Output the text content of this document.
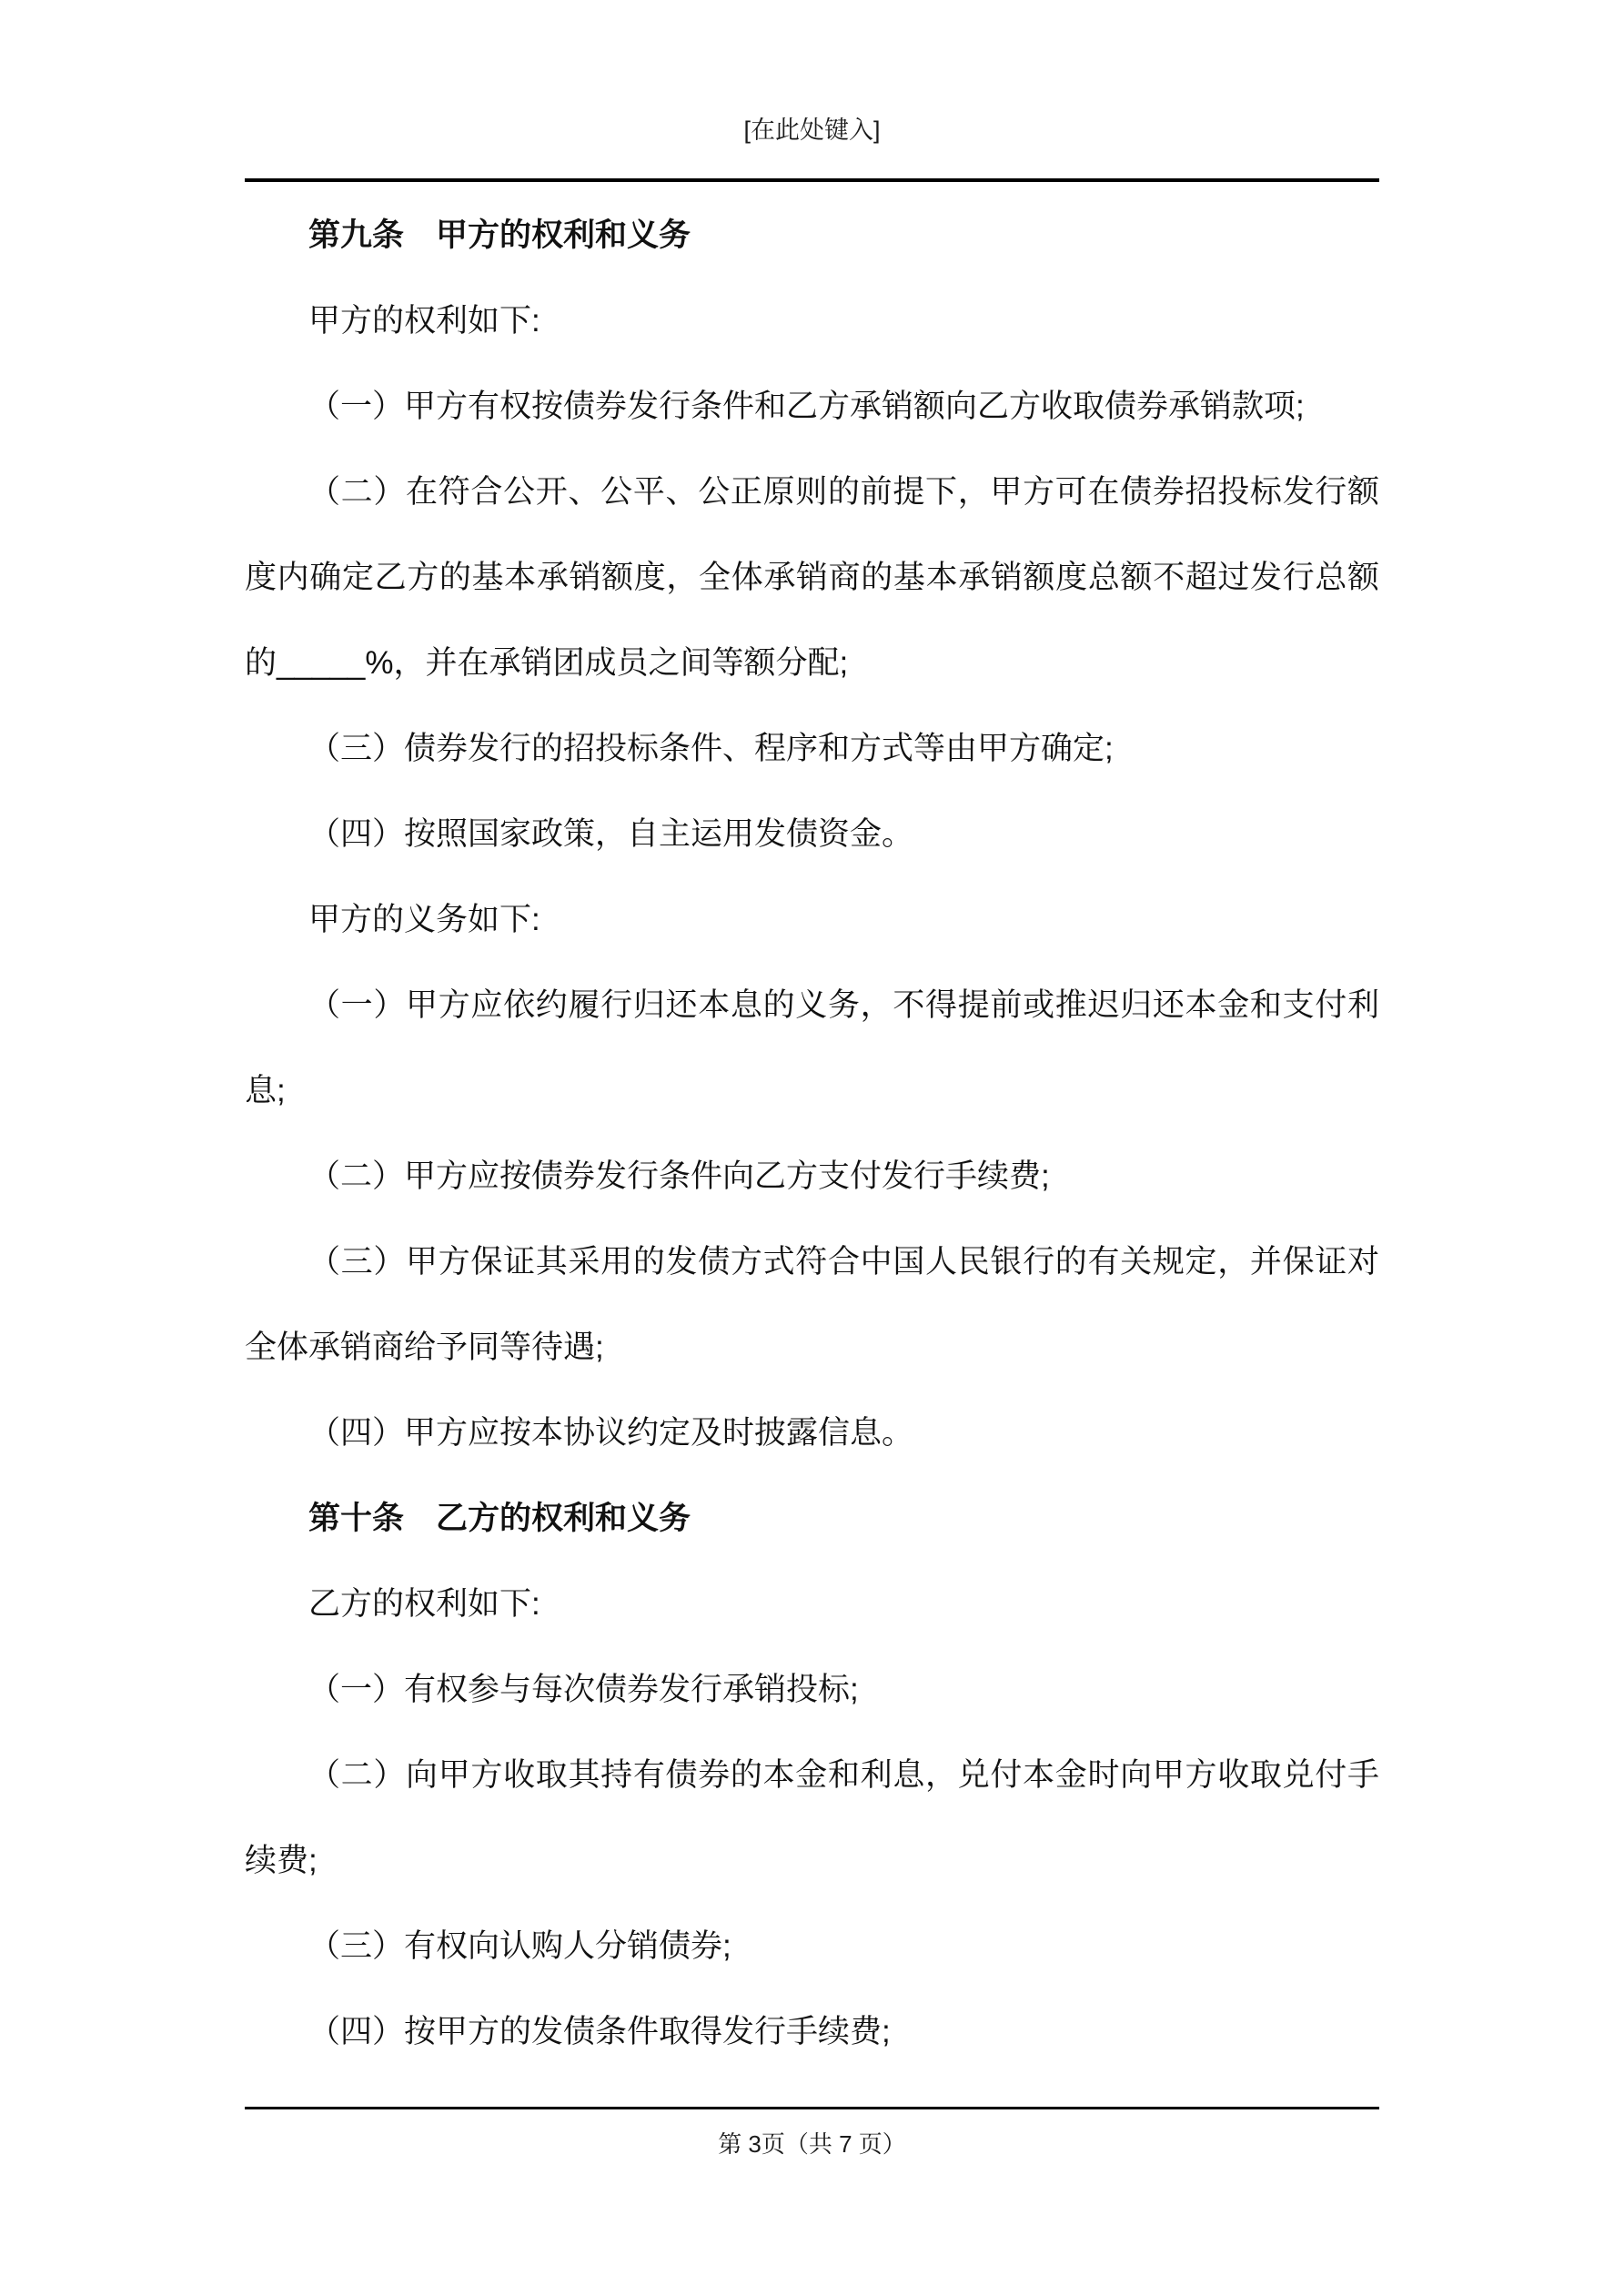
[在此处键入]
第九条　甲方的权利和义务
甲方的权利如下:
（一）甲方有权按债券发行条件和乙方承销额向乙方收取债券承销款项;
（二）在符合公开、公平、公正原则的前提下，甲方可在债券招投标发行额
度内确定乙方的基本承销额度，全体承销商的基本承销额度总额不超过发行总额
的_____%，并在承销团成员之间等额分配;
（三）债券发行的招投标条件、程序和方式等由甲方确定;
（四）按照国家政策，自主运用发债资金。
甲方的义务如下:
（一）甲方应依约履行归还本息的义务，不得提前或推迟归还本金和支付利
息;
（二）甲方应按债券发行条件向乙方支付发行手续费;
（三）甲方保证其采用的发债方式符合中国人民银行的有关规定，并保证对
全体承销商给予同等待遇;
（四）甲方应按本协议约定及时披露信息。
第十条　乙方的权利和义务
乙方的权利如下:
（一）有权参与每次债券发行承销投标;
（二）向甲方收取其持有债券的本金和利息，兑付本金时向甲方收取兑付手
续费;
（三）有权向认购人分销债券;
（四）按甲方的发债条件取得发行手续费;
第 3页（共 7 页）
